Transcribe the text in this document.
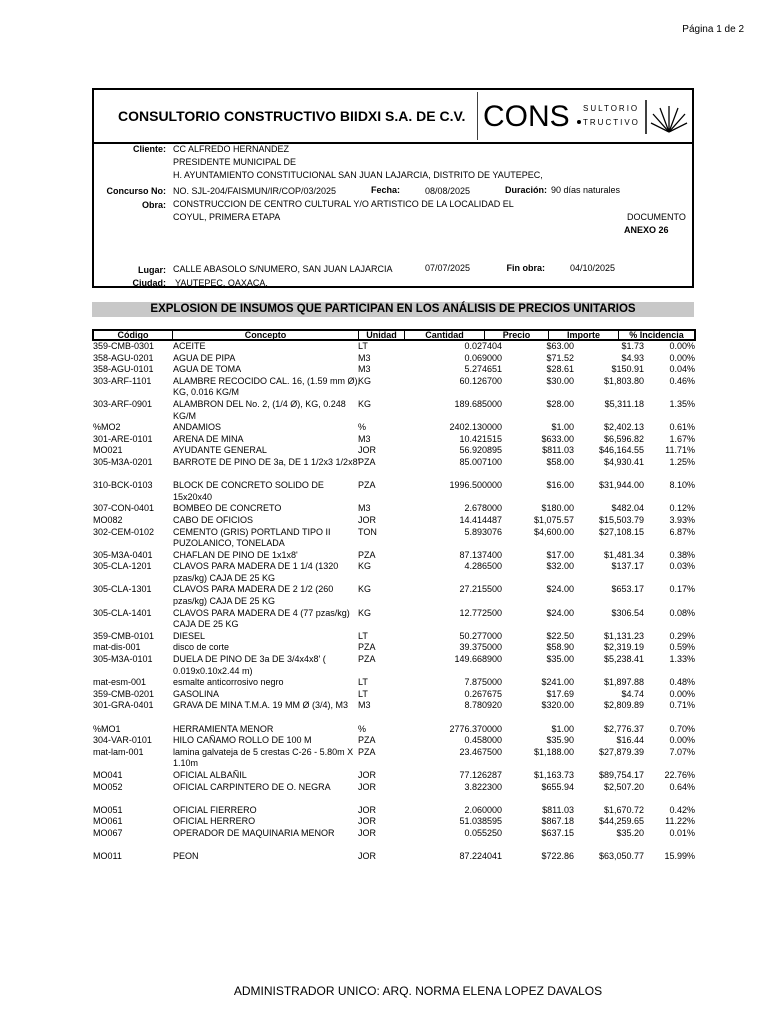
Página 1 de 2
CONSULTORIO CONSTRUCTIVO BIIDXI S.A. DE C.V. CONS SULTORIO
TRUCTIVO
Cliente: CC ALFREDO HERNANDEZ
PRESIDENTE MUNICIPAL DE
H. AYUNTAMIENTO CONSTITUCIONAL SAN JUAN LAJARCIA, DISTRITO DE YAUTEPEC,
Concurso No: NO. SJL-204/FAISMUN/IR/COP/03/2025	Fecha:	08/08/2025	Duración: 90 días naturales
Obra: CONSTRUCCION DE CENTRO CULTURAL Y/O ARTISTICO DE LA LOCALIDAD EL
COYUL, PRIMERA ETAPA	DOCUMENTO
ANEXO 26
Lugar: CALLE ABASOLO S/NUMERO, SAN JUAN LAJARCIA	07/07/2025	Fin obra:	04/10/2025
Ciudad: YAUTEPEC, OAXACA.
EXPLOSION DE INSUMOS QUE PARTICIPAN EN LOS ANÁLISIS DE PRECIOS UNITARIOS
Código	Concepto	Unidad	Cantidad	Precio	Importe	% Incidencia
359-CMB-0301 ACEITE	LT	0.027404	$63.00	$1.73	0.00%
358-AGU-0201 AGUA DE PIPA	M3	0.069000	$71.52	$4.93	0.00%
358-AGU-0101 AGUA DE TOMA	M3	5.274651	$28.61	$150.91	0.04%
303-ARF-1101 ALAMBRE RECOCIDO CAL. 16, (1.59 mm Ø), KG, 0.016 KG/M
KG	60.126700	$30.00	$1,803.80	0.46%
303-ARF-0901 ALAMBRON DEL No. 2, (1/4 Ø), KG, 0.248 KG/M
KG	189.685000	$28.00	$5,311.18	1.35%
%MO2	ANDAMIOS	%	2402.130000	$1.00	$2,402.13	0.61%
301-ARE-0101 ARENA DE MINA	M3	10.421515	$633.00	$6,596.82	1.67%
MO021	AYUDANTE GENERAL	JOR	56.920895	$811.03	$46,164.55 11.71%
305-M3A-0201 BARROTE DE PINO DE 3a, DE 1 1/2x3 1/2x8'
PZA	85.007100	$58.00	$4,930.41	1.25%
310-BCK-0103 BLOCK DE CONCRETO SOLIDO DE 15x20x40
PZA	1996.500000	$16.00	$31,944.00	8.10%
307-CON-0401 BOMBEO DE CONCRETO	M3	2.678000	$180.00	$482.04	0.12%
MO082	CABO DE OFICIOS	JOR	14.414487	$1,075.57	$15,503.79	3.93%
302-CEM-0102 CEMENTO (GRIS) PORTLAND TIPO II PUZOLANICO, TONELADA
TON	5.893076	$4,600.00	$27,108.15	6.87%
305-M3A-0401 CHAFLAN DE PINO DE 1x1x8'	PZA	87.137400	$17.00	$1,481.34	0.38%
305-CLA-1201 CLAVOS PARA MADERA DE 1 1/4 (1320 pzas/kg) CAJA DE 25 KG
KG	4.286500	$32.00	$137.17	0.03%
305-CLA-1301 CLAVOS PARA MADERA DE 2 1/2 (260 pzas/kg) CAJA DE 25 KG
KG	27.215500	$24.00	$653.17	0.17%
305-CLA-1401 CLAVOS PARA MADERA DE 4 (77 pzas/kg) CAJA DE 25 KG
KG	12.772500	$24.00	$306.54	0.08%
359-CMB-0101 DIESEL	LT	50.277000	$22.50	$1,131.23	0.29%
mat-dis-001	disco de corte	PZA	39.375000	$58.90	$2,319.19	0.59%
305-M3A-0101 DUELA DE PINO DE 3a DE 3/4x4x8' ( 0.019x0.10x2.44 m)
PZA	149.668900	$35.00	$5,238.41	1.33%
mat-esm-001	esmalte anticorrosivo negro	LT	7.875000	$241.00	$1,897.88	0.48%
359-CMB-0201 GASOLINA	LT	0.267675	$17.69	$4.74	0.00%
301-GRA-0401 GRAVA DE MINA T.M.A. 19 MM Ø (3/4), M3	M3	8.780920	$320.00	$2,809.89	0.71%
%MO1	HERRAMIENTA MENOR	%	2776.370000	$1.00	$2,776.37	0.70%
304-VAR-0101 HILO CAÑAMO ROLLO DE 100 M	PZA	0.458000	$35.90	$16.44	0.00%
mat-lam-001	lamina galvateja de 5 crestas C-26 - 5.80m X 1.10m
PZA	23.467500	$1,188.00	$27,879.39	7.07%
MO041	OFICIAL ALBAÑIL	JOR	77.126287	$1,163.73	$89,754.17 22.76%
MO052	OFICIAL CARPINTERO DE O. NEGRA	JOR	3.822300	$655.94	$2,507.20	0.64%
MO051	OFICIAL FIERRERO	JOR	2.060000	$811.03	$1,670.72	0.42%
MO061	OFICIAL HERRERO	JOR	51.038595	$867.18	$44,259.65 11.22%
MO067	OPERADOR DE MAQUINARIA MENOR	JOR	0.055250	$637.15	$35.20	0.01%
MO011	PEON	JOR	87.224041	$722.86	$63,050.77 15.99%
ADMINISTRADOR UNICO: ARQ. NORMA ELENA LOPEZ DAVALOS
